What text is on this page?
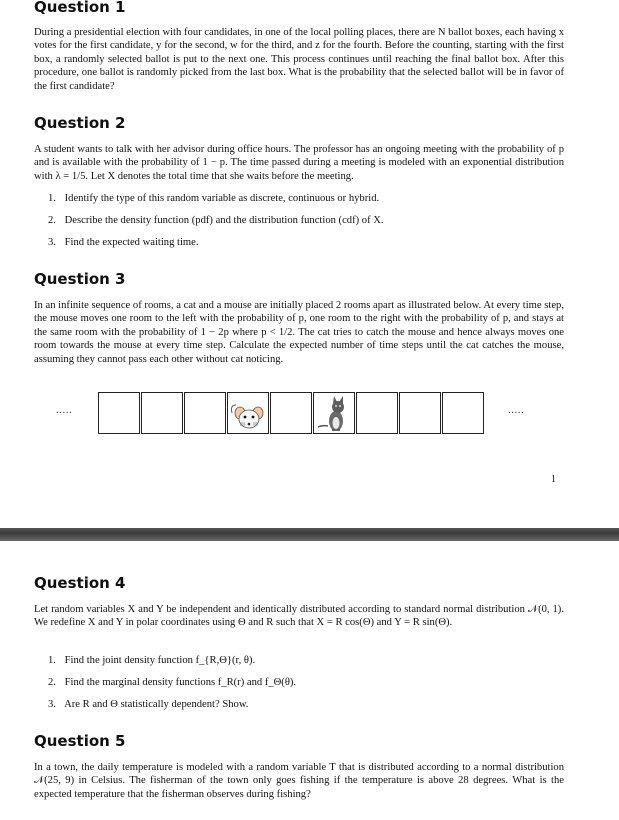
Question 1

During a presidential election with four candidates, in one of the local polling places, there are N ballot boxes, each having x votes for the first candidate, y for the second, w for the third, and z for the fourth. Before the counting, starting with the first box, a randomly selected ballot is put to the next one. This process continues until reaching the final ballot box. After this procedure, one ballot is randomly picked from the last box. What is the probability that the selected ballot will be in favor of the first candidate?

Question 2

A student wants to talk with her advisor during office hours. The professor has an ongoing meeting with the probability of p and is available with the probability of 1 − p. The time passed during a meeting is modeled with an exponential distribution with λ = 1/5. Let X denotes the total time that she waits before the meeting.

1. Identify the type of this random variable as discrete, continuous or hybrid.
2. Describe the density function (pdf) and the distribution function (cdf) of X.
3. Find the expected waiting time.
Question 3

In an infinite sequence of rooms, a cat and a mouse are initially placed 2 rooms apart as illustrated below. At every time step, the mouse moves one room to the left with the probability of p, one room to the right with the probability of p, and stays at the same room with the probability of 1 − 2p where p < 1/2. The cat tries to catch the mouse and hence always moves one room towards the mouse at every time step. Calculate the expected number of time steps until the cat catches the mouse, assuming they cannot pass each other without cat noticing.

.....	.....
1
Question 4

Let random variables X and Y be independent and identically distributed according to standard normal distribution 𝒩(0, 1). We redefine X and Y in polar coordinates using Θ and R such that X = R cos(Θ) and Y = R sin(Θ).

1. Find the joint density function f_{R,Θ}(r, θ).
2. Find the marginal density functions f_R(r) and f_Θ(θ).
3. Are R and Θ statistically dependent? Show.
Question 5

In a town, the daily temperature is modeled with a random variable T that is distributed according to a normal distribution 𝒩(25, 9) in Celsius. The fisherman of the town only goes fishing if the temperature is above 28 degrees. What is the expected temperature that the fisherman observes during fishing?
